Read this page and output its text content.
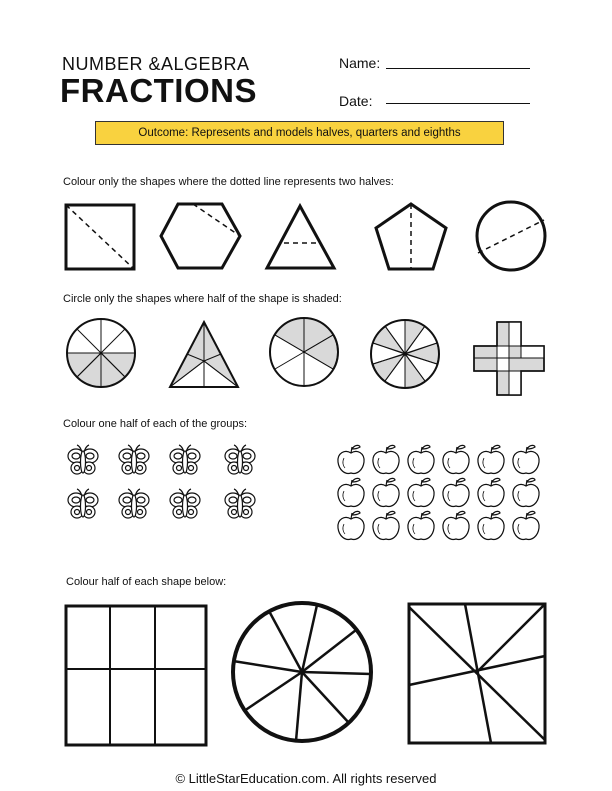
NUMBER &ALGEBRA
FRACTIONS
Name:
Date:
Outcome: Represents and models halves, quarters and eighths
Colour only the shapes where the dotted line represents two halves:
Circle only the shapes where half of the shape is shaded:
Colour one half of each of the groups:
Colour half of each shape below:
© LittleStarEducation.com. All rights reserved
